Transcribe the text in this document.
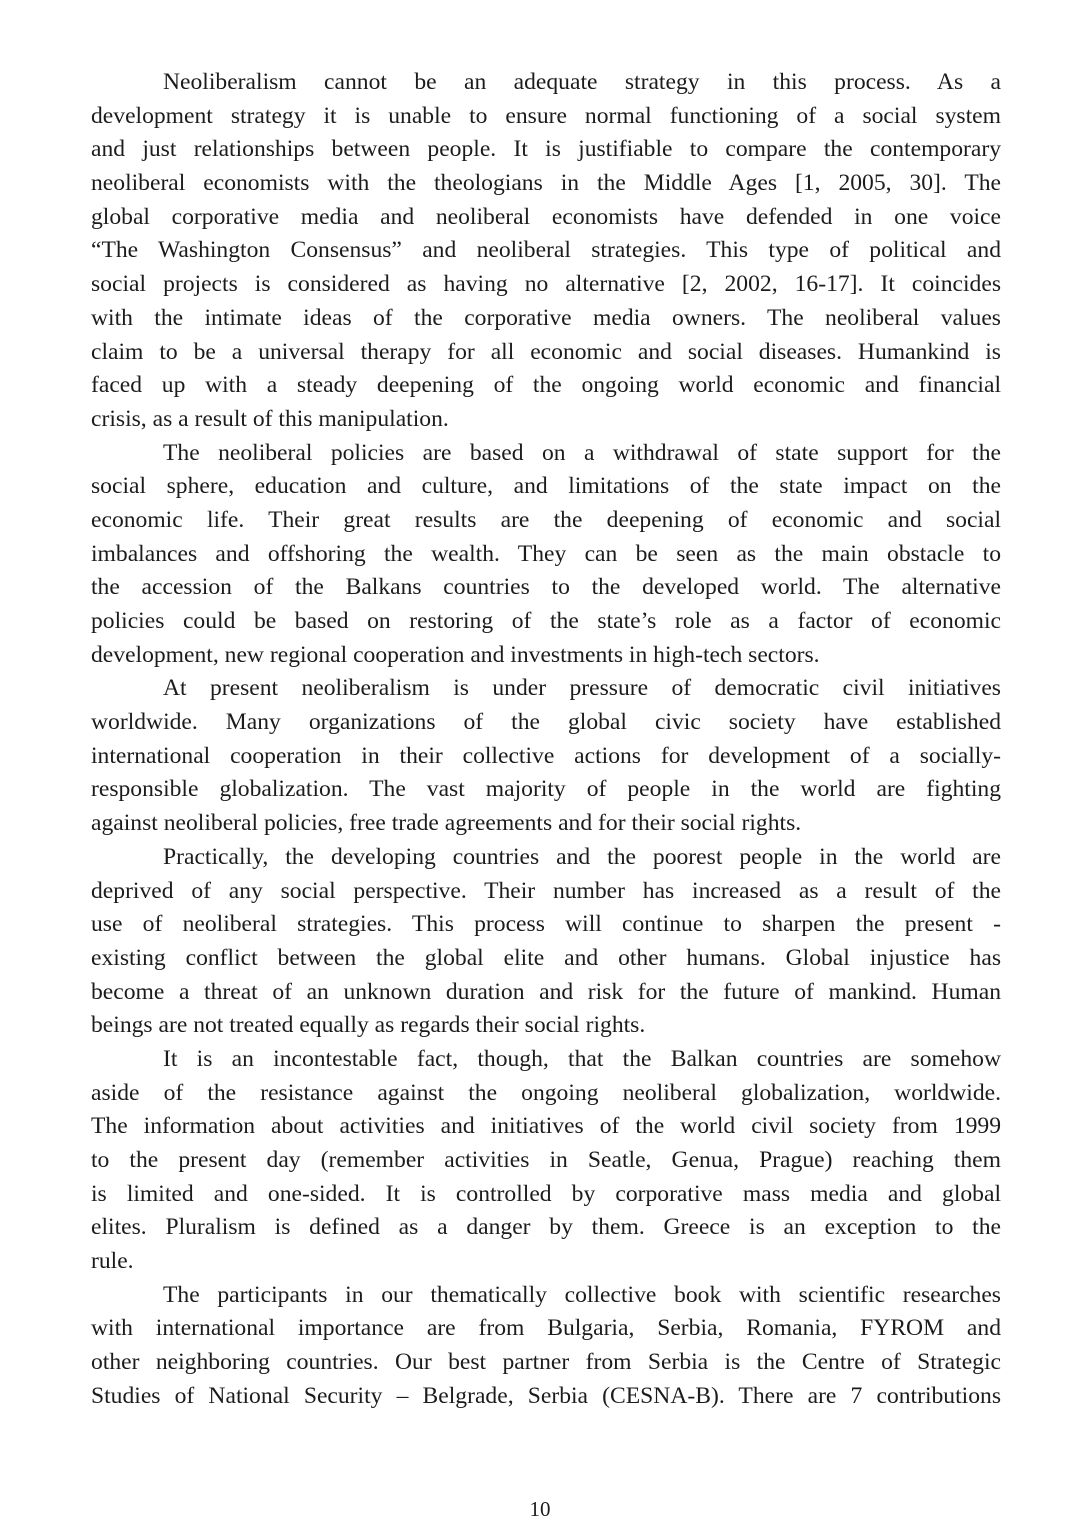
Neoliberalism cannot be an adequate strategy in this process. As a
development strategy it is unable to ensure normal functioning of a social system
and just relationships between people. It is justifiable to compare the contemporary
neoliberal economists with the theologians in the Middle Ages [1, 2005, 30]. The
global corporative media and neoliberal economists have defended in one voice
“The Washington Consensus” and neoliberal strategies. This type of political and
social projects is considered as having no alternative [2, 2002, 16-17]. It coincides
with the intimate ideas of the corporative media owners. The neoliberal values
claim to be a universal therapy for all economic and social diseases. Humankind is
faced up with a steady deepening of the ongoing world economic and financial
crisis, as a result of this manipulation.
The neoliberal policies are based on a withdrawal of state support for the
social sphere, education and culture, and limitations of the state impact on the
economic life. Their great results are the deepening of economic and social
imbalances and offshoring the wealth. They can be seen as the main obstacle to
the accession of the Balkans countries to the developed world. The alternative
policies could be based on restoring of the state’s role as a factor of economic
development, new regional cooperation and investments in high-tech sectors.
At present neoliberalism is under pressure of democratic civil initiatives
worldwide. Many organizations of the global civic society have established
international cooperation in their collective actions for development of a socially-
responsible globalization. The vast majority of people in the world are fighting
against neoliberal policies, free trade agreements and for their social rights.
Practically, the developing countries and the poorest people in the world are
deprived of any social perspective. Their number has increased as a result of the
use of neoliberal strategies. This process will continue to sharpen the present -
existing conflict between the global elite and other humans. Global injustice has
become a threat of an unknown duration and risk for the future of mankind. Human
beings are not treated equally as regards their social rights.
It is an incontestable fact, though, that the Balkan countries are somehow
aside of the resistance against the ongoing neoliberal globalization, worldwide.
The information about activities and initiatives of the world civil society from 1999
to the present day (remember activities in Seatle, Genua, Prague) reaching them
is limited and one-sided. It is controlled by corporative mass media and global
elites. Pluralism is defined as a danger by them. Greece is an exception to the
rule.
The participants in our thematically collective book with scientific researches
with international importance are from Bulgaria, Serbia, Romania, FYROM and
other neighboring countries. Our best partner from Serbia is the Centre of Strategic
Studies of National Security – Belgrade, Serbia (CESNA-B). There are 7 contributions
10
